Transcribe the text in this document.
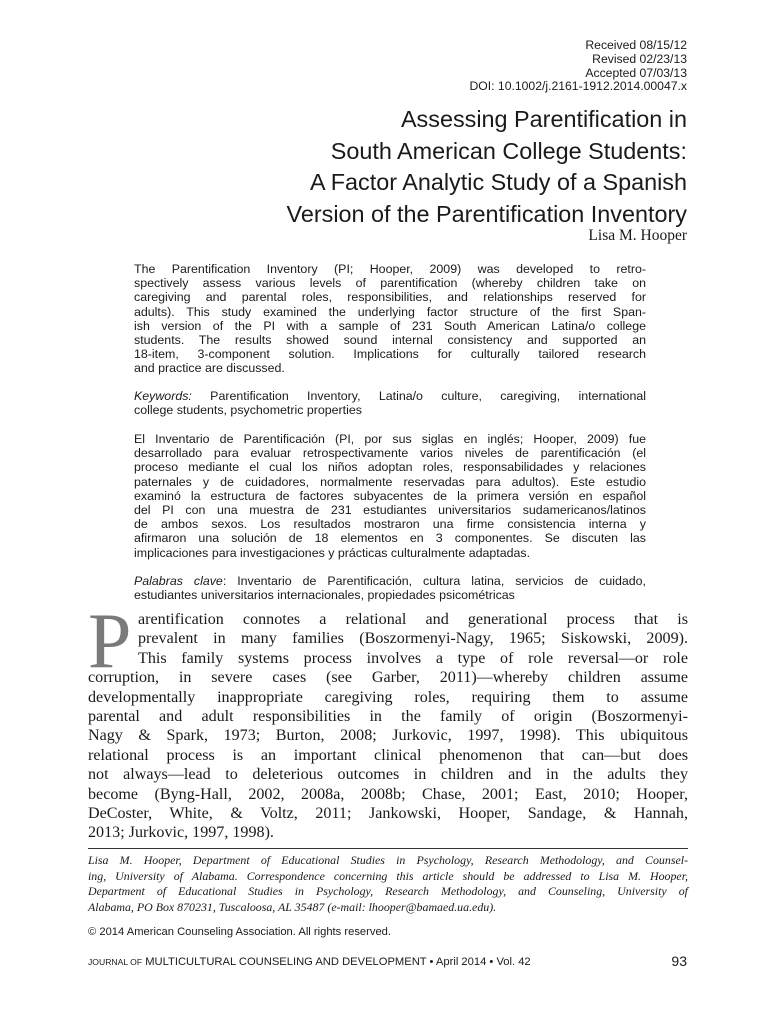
Received 08/15/12
Revised 02/23/13
Accepted 07/03/13
DOI: 10.1002/j.2161-1912.2014.00047.x
Assessing Parentification in
South American College Students:
A Factor Analytic Study of a Spanish
Version of the Parentification Inventory
Lisa M. Hooper
The Parentification Inventory (PI; Hooper, 2009) was developed to retro-
spectively assess various levels of parentification (whereby children take on
caregiving and parental roles, responsibilities, and relationships reserved for
adults). This study examined the underlying factor structure of the first Span-
ish version of the PI with a sample of 231 South American Latina/o college
students. The results showed sound internal consistency and supported an
18-item, 3-component solution. Implications for culturally tailored research
and practice are discussed.
Keywords: Parentification Inventory, Latina/o culture, caregiving, international
college students, psychometric properties
El Inventario de Parentificación (PI, por sus siglas en inglés; Hooper, 2009) fue
desarrollado para evaluar retrospectivamente varios niveles de parentificación (el
proceso mediante el cual los niños adoptan roles, responsabilidades y relaciones
paternales y de cuidadores, normalmente reservadas para adultos). Este estudio
examinó la estructura de factores subyacentes de la primera versión en español
del PI con una muestra de 231 estudiantes universitarios sudamericanos/latinos
de ambos sexos. Los resultados mostraron una firme consistencia interna y
afirmaron una solución de 18 elementos en 3 componentes. Se discuten las
implicaciones para investigaciones y prácticas culturalmente adaptadas.
Palabras clave: Inventario de Parentificación, cultura latina, servicios de cuidado,
estudiantes universitarios internacionales, propiedades psicométricas
P arentification connotes a relational and generational process that is
prevalent in many families (Boszormenyi-Nagy, 1965; Siskowski, 2009).
This family systems process involves a type of role reversal—or role
corruption, in severe cases (see Garber, 2011)—whereby children assume
developmentally inappropriate caregiving roles, requiring them to assume
parental and adult responsibilities in the family of origin (Boszormenyi-
Nagy & Spark, 1973; Burton, 2008; Jurkovic, 1997, 1998). This ubiquitous
relational process is an important clinical phenomenon that can—but does
not always—lead to deleterious outcomes in children and in the adults they
become (Byng-Hall, 2002, 2008a, 2008b; Chase, 2001; East, 2010; Hooper,
DeCoster, White, & Voltz, 2011; Jankowski, Hooper, Sandage, & Hannah,
2013; Jurkovic, 1997, 1998).
Lisa M. Hooper, Department of Educational Studies in Psychology, Research Methodology, and Counsel-
ing, University of Alabama. Correspondence concerning this article should be addressed to Lisa M. Hooper,
Department of Educational Studies in Psychology, Research Methodology, and Counseling, University of
Alabama, PO Box 870231, Tuscaloosa, AL 35487 (e-mail: lhooper@bamaed.ua.edu).
© 2014 American Counseling Association. All rights reserved.
JOURNAL OF MULTICULTURAL COUNSELING AND DEVELOPMENT • April 2014 • Vol. 42	93
